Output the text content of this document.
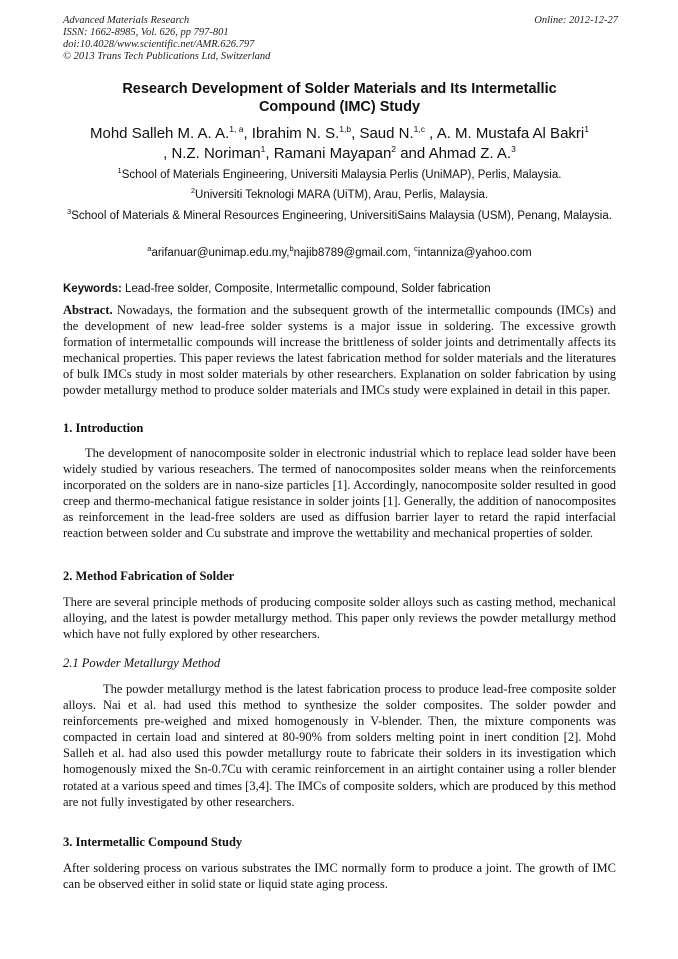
Advanced Materials Research
ISSN: 1662-8985, Vol. 626, pp 797-801
doi:10.4028/www.scientific.net/AMR.626.797
© 2013 Trans Tech Publications Ltd, Switzerland
Online: 2012-12-27
Research Development of Solder Materials and Its Intermetallic
Compound (IMC) Study
Mohd Salleh M. A. A.$^{1, a}$, Ibrahim N. S.$^{1,b}$, Saud N.$^{1,c}$ , A. M. Mustafa Al Bakri$^1$
, N.Z. Noriman$^1$, Ramani Mayapan$^2$ and Ahmad Z. A.$^3$
$^1$School of Materials Engineering, Universiti Malaysia Perlis (UniMAP), Perlis, Malaysia.
$^2$Universiti Teknologi MARA (UiTM), Arau, Perlis, Malaysia.
$^3$School of Materials & Mineral Resources Engineering, UniversitiSains Malaysia (USM), Penang, Malaysia.
$^a$arifanuar@unimap.edu.my,$^b$najib8789@gmail.com, $^c$intanniza@yahoo.com
Keywords: Lead-free solder, Composite, Intermetallic compound, Solder fabrication
Abstract. Nowadays, the formation and the subsequent growth of the intermetallic compounds (IMCs) and the development of new lead-free solder systems is a major issue in soldering. The excessive growth formation of intermetallic compounds will increase the brittleness of solder joints and detrimentally affects its mechanical properties. This paper reviews the latest fabrication method for solder materials and the literatures of bulk IMCs study in most solder materials by other researchers. Explanation on solder fabrication by using powder metallurgy method to produce solder materials and IMCs study were explained in detail in this paper.
1. Introduction
The development of nanocomposite solder in electronic industrial which to replace lead solder have been widely studied by various reseachers. The termed of nanocomposites solder means when the reinforcements incorporated on the solders are in nano-size particles [1]. Accordingly, nanocomposite solder resulted in good creep and thermo-mechanical fatigue resistance in solder joints [1]. Generally, the addition of nanocomposites as reinforcement in the lead-free solders are used as diffusion barrier layer to retard the rapid interfacial reaction between solder and Cu substrate and improve the wettability and mechanical properties of solder.
2. Method Fabrication of Solder
There are several principle methods of producing composite solder alloys such as casting method, mechanical alloying, and the latest is powder metallurgy method. This paper only reviews the powder metallurgy method which have not fully explored by other researchers.
2.1 Powder Metallurgy Method
The powder metallurgy method is the latest fabrication process to produce lead-free composite solder alloys. Nai et al. had used this method to synthesize the solder composites. The solder powder and reinforcements pre-weighed and mixed homogenously in V-blender. Then, the mixture components was compacted in certain load and sintered at 80-90% from solders melting point in inert condition [2]. Mohd Salleh et al. had also used this powder metallurgy route to fabricate their solders in its investigation which homogenously mixed the Sn-0.7Cu with ceramic reinforcement in an airtight container using a roller blender rotated at a various speed and times [3,4]. The IMCs of composite solders, which are produced by this method are not fully investigated by other researchers.
3. Intermetallic Compound Study
After soldering process on various substrates the IMC normally form to produce a joint. The growth of IMC can be observed either in solid state or liquid state aging process.
